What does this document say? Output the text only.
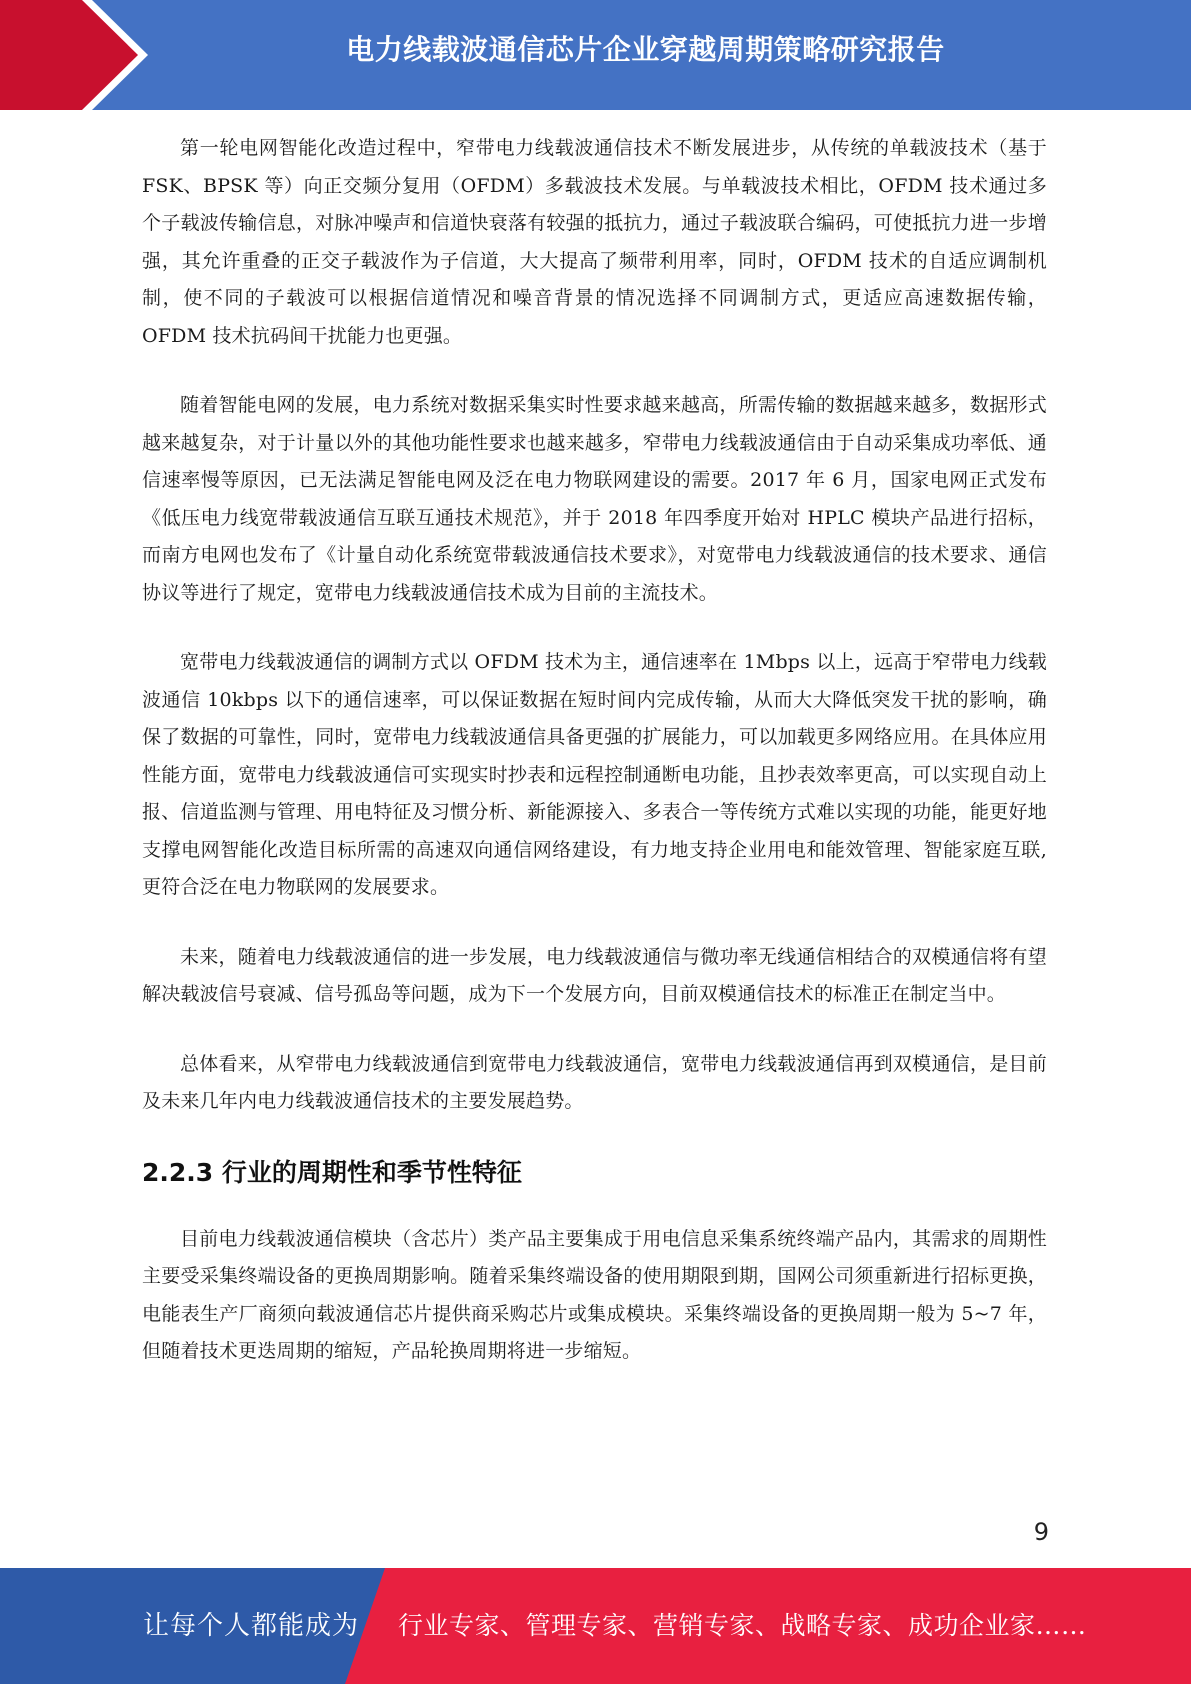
电力线载波通信芯片企业穿越周期策略研究报告

第一轮电网智能化改造过程中，窄带电力线载波通信技术不断发展进步，从传统的单载波技术（基于 FSK、BPSK 等）向正交频分复用（OFDM）多载波技术发展。与单载波技术相比，OFDM 技术通过多个子载波传输信息，对脉冲噪声和信道快衰落有较强的抵抗力，通过子载波联合编码，可使抵抗力进一步增强，其允许重叠的正交子载波作为子信道，大大提高了频带利用率，同时，OFDM 技术的自适应调制机制，使不同的子载波可以根据信道情况和噪音背景的情况选择不同调制方式，更适应高速数据传输，OFDM 技术抗码间干扰能力也更强。

随着智能电网的发展，电力系统对数据采集实时性要求越来越高，所需传输的数据越来越多，数据形式越来越复杂，对于计量以外的其他功能性要求也越来越多，窄带电力线载波通信由于自动采集成功率低、通信速率慢等原因，已无法满足智能电网及泛在电力物联网建设的需要。2017 年 6 月，国家电网正式发布《低压电力线宽带载波通信互联互通技术规范》，并于 2018 年四季度开始对 HPLC 模块产品进行招标，而南方电网也发布了《计量自动化系统宽带载波通信技术要求》，对宽带电力线载波通信的技术要求、通信协议等进行了规定，宽带电力线载波通信技术成为目前的主流技术。

宽带电力线载波通信的调制方式以 OFDM 技术为主，通信速率在 1Mbps 以上，远高于窄带电力线载波通信 10kbps 以下的通信速率，可以保证数据在短时间内完成传输，从而大大降低突发干扰的影响，确保了数据的可靠性，同时，宽带电力线载波通信具备更强的扩展能力，可以加载更多网络应用。在具体应用性能方面，宽带电力线载波通信可实现实时抄表和远程控制通断电功能，且抄表效率更高，可以实现自动上报、信道监测与管理、用电特征及习惯分析、新能源接入、多表合一等传统方式难以实现的功能，能更好地支撑电网智能化改造目标所需的高速双向通信网络建设，有力地支持企业用电和能效管理、智能家庭互联,更符合泛在电力物联网的发展要求。

未来，随着电力线载波通信的进一步发展，电力线载波通信与微功率无线通信相结合的双模通信将有望解决载波信号衰减、信号孤岛等问题，成为下一个发展方向，目前双模通信技术的标准正在制定当中。

总体看来，从窄带电力线载波通信到宽带电力线载波通信，宽带电力线载波通信再到双模通信，是目前及未来几年内电力线载波通信技术的主要发展趋势。

2.2.3 行业的周期性和季节性特征

目前电力线载波通信模块（含芯片）类产品主要集成于用电信息采集系统终端产品内，其需求的周期性主要受采集终端设备的更换周期影响。随着采集终端设备的使用期限到期，国网公司须重新进行招标更换，电能表生产厂商须向载波通信芯片提供商采购芯片或集成模块。采集终端设备的更换周期一般为 5~7 年，但随着技术更迭周期的缩短，产品轮换周期将进一步缩短。

9
让每个人都能成为 行业专家、管理专家、营销专家、战略专家、成功企业家……
